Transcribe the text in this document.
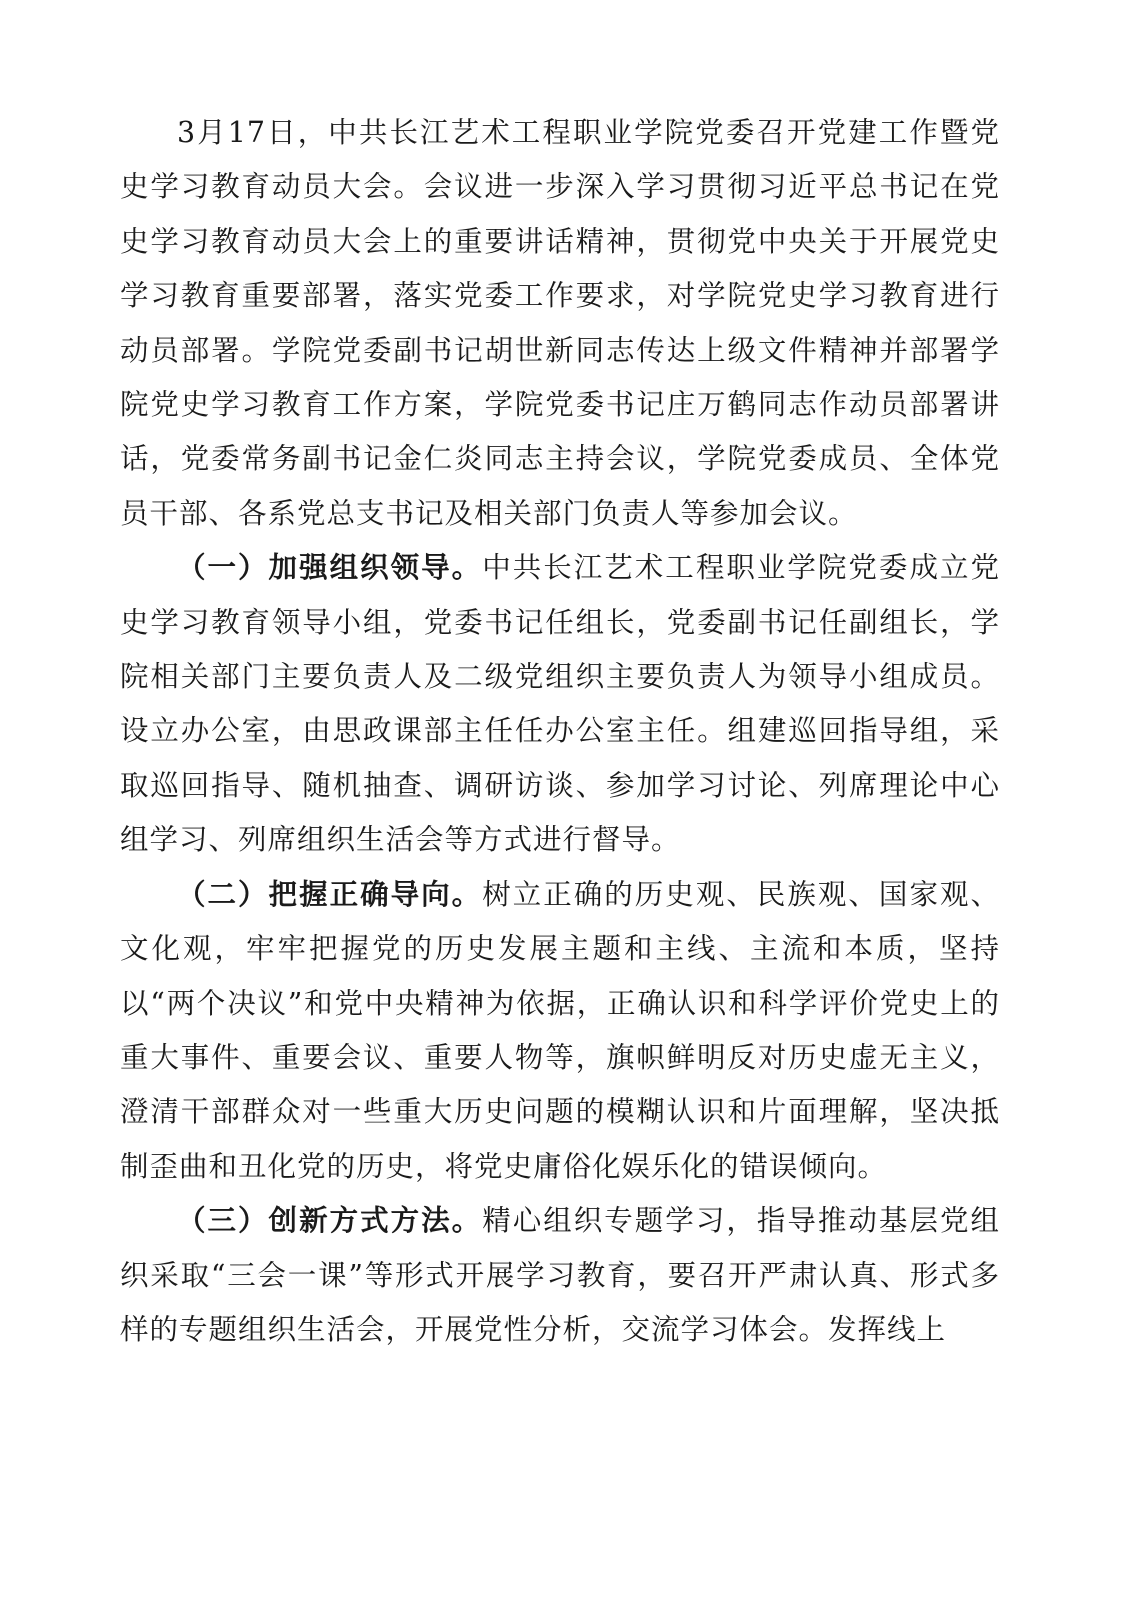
3月17日，中共长江艺术工程职业学院党委召开党建工作暨党史学习教育动员大会。会议进一步深入学习贯彻习近平总书记在党史学习教育动员大会上的重要讲话精神，贯彻党中央关于开展党史学习教育重要部署，落实党委工作要求，对学院党史学习教育进行动员部署。学院党委副书记胡世新同志传达上级文件精神并部署学院党史学习教育工作方案，学院党委书记庄万鹤同志作动员部署讲话，党委常务副书记金仁炎同志主持会议，学院党委成员、全体党员干部、各系党总支书记及相关部门负责人等参加会议。

（一）加强组织领导。中共长江艺术工程职业学院党委成立党史学习教育领导小组，党委书记任组长，党委副书记任副组长，学院相关部门主要负责人及二级党组织主要负责人为领导小组成员。设立办公室，由思政课部主任任办公室主任。组建巡回指导组，采取巡回指导、随机抽查、调研访谈、参加学习讨论、列席理论中心组学习、列席组织生活会等方式进行督导。

（二）把握正确导向。树立正确的历史观、民族观、国家观、文化观，牢牢把握党的历史发展主题和主线、主流和本质，坚持以“两个决议”和党中央精神为依据，正确认识和科学评价党史上的重大事件、重要会议、重要人物等，旗帜鲜明反对历史虚无主义，澄清干部群众对一些重大历史问题的模糊认识和片面理解，坚决抵制歪曲和丑化党的历史，将党史庸俗化娱乐化的错误倾向。

（三）创新方式方法。精心组织专题学习，指导推动基层党组织采取“三会一课”等形式开展学习教育，要召开严肃认真、形式多样的专题组织生活会，开展党性分析，交流学习体会。发挥线上
